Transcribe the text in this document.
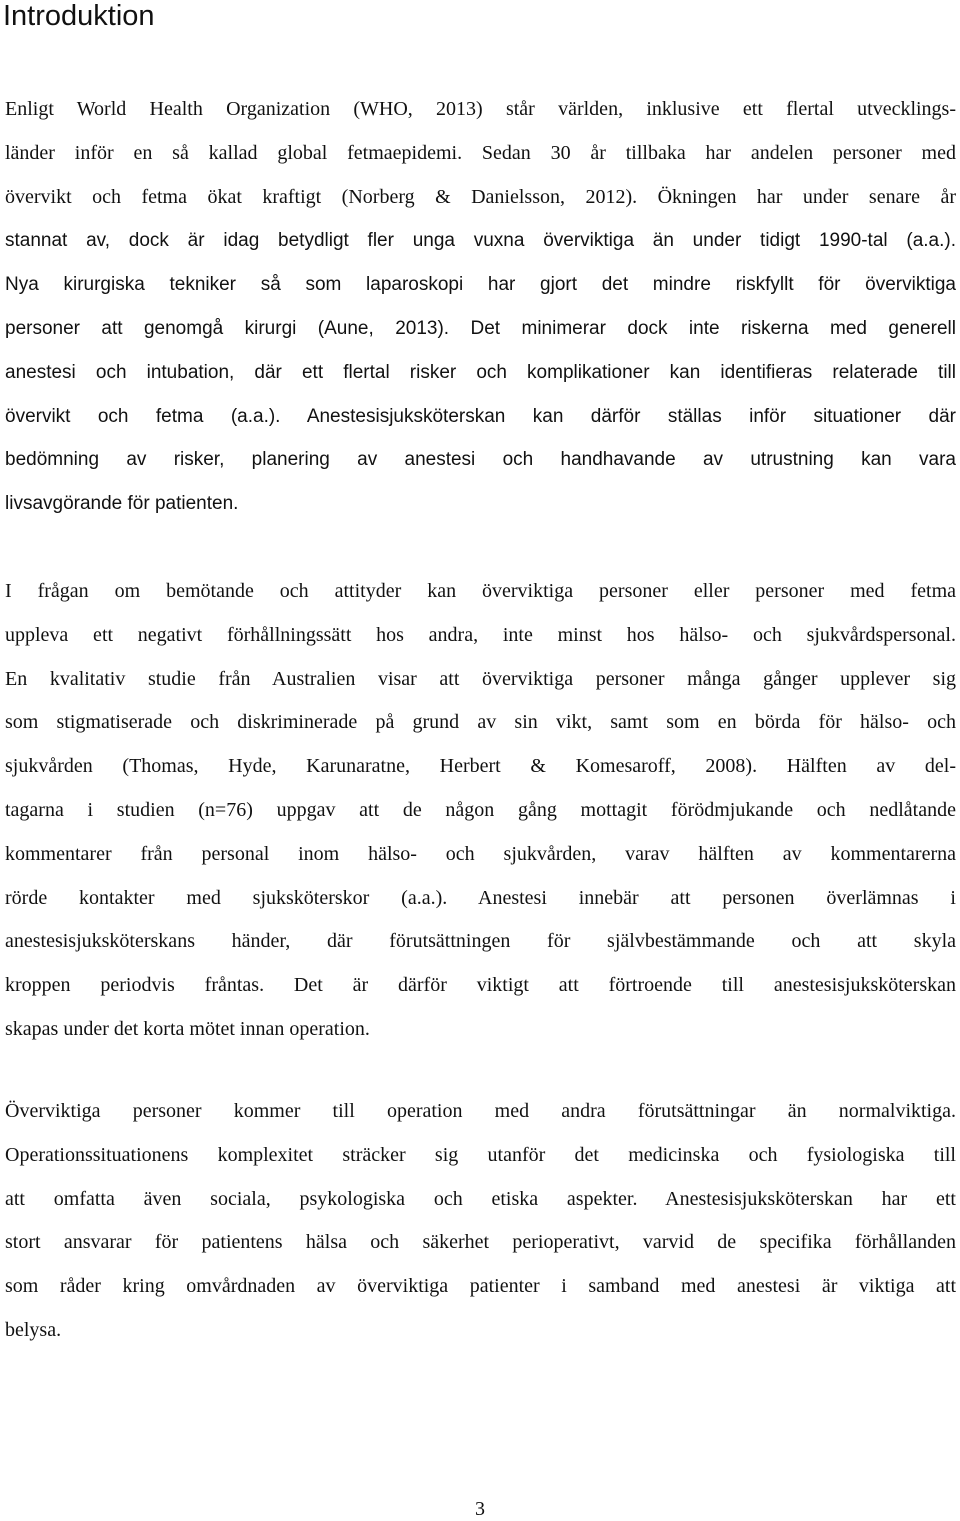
Introduktion
Enligt World Health Organization (WHO, 2013) står världen, inklusive ett flertal utvecklings-
länder inför en så kallad global fetmaepidemi. Sedan 30 år tillbaka har andelen personer med
övervikt och fetma ökat kraftigt (Norberg & Danielsson, 2012). Ökningen har under senare år
stannat av, dock är idag betydligt fler unga vuxna överviktiga än under tidigt 1990-tal (a.a.).
Nya kirurgiska tekniker så som laparoskopi har gjort det mindre riskfyllt för överviktiga
personer att genomgå kirurgi (Aune, 2013). Det minimerar dock inte riskerna med generell
anestesi och intubation, där ett flertal risker och komplikationer kan identifieras relaterade till
övervikt och fetma (a.a.). Anestesisjuksköterskan kan därför ställas inför situationer där
bedömning av risker, planering av anestesi och handhavande av utrustning kan vara
livsavgörande för patienten.
I frågan om bemötande och attityder kan överviktiga personer eller personer med fetma
uppleva ett negativt förhållningssätt hos andra, inte minst hos hälso- och sjukvårdspersonal.
En kvalitativ studie från Australien visar att överviktiga personer många gånger upplever sig
som stigmatiserade och diskriminerade på grund av sin vikt, samt som en börda för hälso- och
sjukvården (Thomas, Hyde, Karunaratne, Herbert & Komesaroff, 2008). Hälften av del-
tagarna i studien (n=76) uppgav att de någon gång mottagit förödmjukande och nedlåtande
kommentarer från personal inom hälso- och sjukvården, varav hälften av kommentarerna
rörde kontakter med sjuksköterskor (a.a.). Anestesi innebär att personen överlämnas i
anestesisjuksköterskans händer, där förutsättningen för självbestämmande och att skyla
kroppen periodvis fråntas. Det är därför viktigt att förtroende till anestesisjuksköterskan
skapas under det korta mötet innan operation.
Överviktiga personer kommer till operation med andra förutsättningar än normalviktiga.
Operationssituationens komplexitet sträcker sig utanför det medicinska och fysiologiska till
att omfatta även sociala, psykologiska och etiska aspekter. Anestesisjuksköterskan har ett
stort ansvarar för patientens hälsa och säkerhet perioperativt, varvid de specifika förhållanden
som råder kring omvårdnaden av överviktiga patienter i samband med anestesi är viktiga att
belysa.

3
